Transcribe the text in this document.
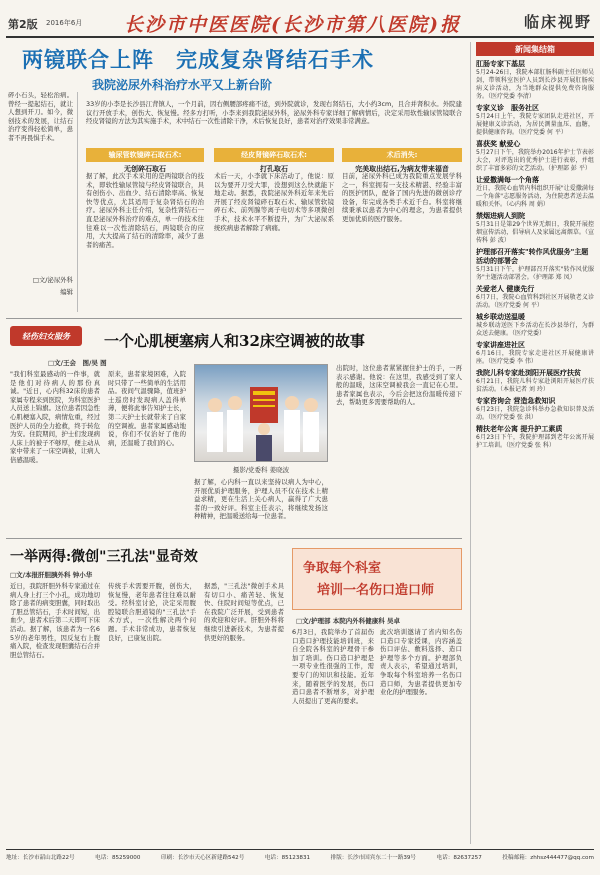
第2版 2016年6月 长沙市中医医院(长沙市第八医院)报	临床视野
两镜联合上阵　完成复杂肾结石手术
我院泌尿外科治疗水平又上新台阶
碎小石头，轻松治病。曾经一提起结石，就让人想到开刀。如今，微创技术的发展，让结石治疗变得轻松简单，患者不再畏惧手术。
□文/泌尿外科
编辑
33岁的小李是长沙县江背镇人，一个月前，因右侧腰部疼痛不适，到外院就诊，发现右肾结石，大小约3cm，且合并肾积水。外院建议行开放手术，创伤大、恢复慢。经多方打听，小李来到我院泌尿外科，泌尿外科专家详细了解病情后，决定采用软性输尿管镜联合经皮肾镜的方法为其实施手术，术中结石一次性清除干净，术后恢复良好，患者对治疗效果非常满意。
输尿管软镜碎石取石术:
无创碎石取石
经皮肾镜碎石取石术:
打孔取石
术后消失:
完美取出结石,为病友带来福音
据了解，此次手术采用的是两镜联合的技术，即软性输尿管镜与经皮肾镜联合，具有创伤小、出血少、结石清除率高、恢复快等优点，尤其适用于复杂肾结石的治疗。泌尿外科主任介绍，复杂性肾结石一直是泌尿外科治疗的难点，单一的技术往往难以一次性清除结石，两镜联合的应用，大大提高了结石的清除率，减少了患者的痛苦。
术后一天，小李就下床活动了，他说：原以为要开刀受大罪，没想到这么快就能下地走动。据悉，我院泌尿外科近年来先后开展了经皮肾镜碎石取石术、输尿管软镜碎石术、前列腺等离子电切术等多项微创手术，技术水平不断提升，为广大泌尿系统疾病患者解除了病痛。
目前，泌尿外科已成为我院重点发展学科之一，科室拥有一支技术精湛、经验丰富的医护团队，配备了国内先进的微创诊疗设备，年完成各类手术近千台。科室将继续秉承以患者为中心的理念，为患者提供更加优质的医疗服务。
轻伤妇女服务 一个心肌梗塞病人和32床空调被的故事
□文/王会　图/吴 图
"我们科室最感动的一件事，就是他们对待病人的那份真诚。"近日，心内科32床的患者家属专程来到医院，为科室医护人员送上锦旗。这位患者因急性心肌梗塞入院，病情危重，经过医护人员的全力抢救，终于转危为安。住院期间，护士们发现病人床上的被子不够厚，便主动从家中带来了一床空调被，让病人倍感温暖。
原来，患者家境困难，入院时只带了一些简单的生活用品。夜间气温骤降，值班护士巡房时发现病人盖得单薄，便将此事告知护士长，第二天护士长就带来了自家的空调被。患者家属感动地说，你们不仅治好了他的病，还温暖了我们的心。
摄影/党委科 姜晓波
据了解，心内科一直以来坚持以病人为中心，开展优质护理服务，护理人员不仅在技术上精益求精，更在生活上关心病人，赢得了广大患者的一致好评。科室主任表示，将继续发扬这种精神，把温暖送给每一位患者。
出院时，这位患者紧紧握住护士的手，一再表示感谢。他说：在这里，我感受到了家人般的温暖，这床空调被我会一直记在心里。患者家属也表示，今后会把这份温暖传递下去，帮助更多需要帮助的人。
一举两得:微创"三孔法"显奇效
□文/本报肝胆胰外科 钟小华
近日，我院肝胆外科专家通过在病人身上打三个小孔，成功地切除了患者的病变胆囊，同时取出了胆总管结石，手术时间短，出血少，患者术后第二天即可下床活动。据了解，该患者为一名65岁的老年男性，因反复右上腹痛入院，检查发现胆囊结石合并胆总管结石。
传统手术需要开腹，创伤大，恢复慢，老年患者往往难以耐受。经科室讨论，决定采用腹腔镜联合胆道镜的"三孔法"手术方式，一次性解决两个问题。手术非常成功，患者恢复良好，已康复出院。
据悉，"三孔法"微创手术具有切口小、痛苦轻、恢复快、住院时间短等优点，已在我院广泛开展，受到患者的欢迎和好评。肝胆外科将继续引进新技术，为患者提供更好的服务。
争取每个科室
培训一名伤口造口师
□文/护理部 本院内外科健康科 吴卓
6月3日，我院举办了首届伤口造口护理技能培训班，来自全院各科室的护理骨干参加了培训。伤口造口护理是一项专业性很强的工作，需要专门的知识和技能。近年来，随着医学的发展，伤口造口患者不断增多，对护理人员提出了更高的要求。
此次培训邀请了省内知名伤口造口专家授课，内容涵盖伤口评估、敷料选择、造口护理等多个方面。护理部负责人表示，希望通过培训，争取每个科室培养一名伤口造口师，为患者提供更加专业化的护理服务。
新闻集结箱
肛肠专家下基层
5月24-26日，我院本部肛肠科副主任医师吴剑，带领科室医护人员到长沙县开展肛肠疾病义诊活动，为当地群众提供免费咨询服务。（医疗党委 李清）
专家义诊　服务社区
5月24日上午，我院专家团队走进社区，开展健康义诊活动，为居民测量血压、血糖，提供健康咨询。（医疗党委 何 平）
喜获奖 献爱心
5月27日下午，我院举办2016年护士节表彰大会，对评选出的优秀护士进行表彰，并组织了丰富多彩的文艺活动。（护理部 彭 平）
让爱撒满每一个角落
近日，我院心血管内科组织开展"让爱撒满每一个角落"志愿服务活动，为住院患者送去温暖和关怀。（心内科 周 娟）
禁烟进病人到院
5月31日是第29个世界无烟日，我院开展控烟宣传活动，倡导病人及家属远离烟草。（宣传科 彭 波）
护理部召开落实"转作风优服务"主题活动的部署会
5月31日下午，护理部召开落实"转作风优服务"主题活动部署会。（护理部 郑 凤）
关爱老人 健康先行
6月7日，我院心血管科到社区开展敬老义诊活动。（医疗党委 何 平）
城乡联动送温暖
城乡联动送医下乡活动在长沙县举行，为群众送去健康。（医疗党委）
专家讲座进社区
6月16日，我院专家走进社区开展健康讲座。（医疗党委 李 伟）
我院儿科专家赴浏阳开展医疗扶贫
6月21日，我院儿科专家赴浏阳开展医疗扶贫活动。（本报记者 刘 玲）
专家咨询会 营造急救知识
6月23日，我院急诊科举办急救知识普及活动。（医疗党委 张 洪）
精扶老年公寓 提升护工素质
6月23日下午，我院护理部到老年公寓开展护工培训。（医疗党委 张 科）
地址：长沙市韶山北路22号	电话：85259000	印刷：长沙市天心区新建路542号	电话：85123831	排版：长沙市国宾东二十一路39号	电话：82637257	投稿邮箱：zhhsz444477@qq.com
